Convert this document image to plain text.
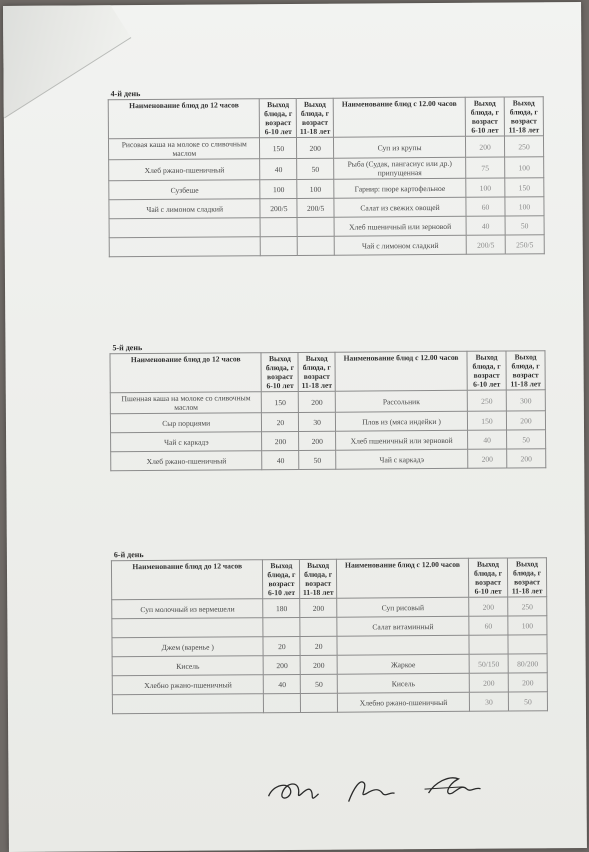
4-й день
Наименование блюд до 12 часов	Выход блюда, г возраст 6-10 лет	Выход блюда, г возраст 11-18 лет	Наименование блюд с 12.00 часов	Выход блюда, г возраст 6-10 лет	Выход блюда, г возраст 11-18 лет
Рисовая каша на молоке со сливочным маслом	150	200	Суп из крупы	200	250
Хлеб ржано-пшеничный	40	50	Рыба (Судак, пангасиус или др.) припущенная	75	100
Сузбеше	100	100	Гарнир: пюре картофельное	100	150
Чай с лимоном сладкий	200/5	200/5	Салат из свежих овощей	60	100
			Хлеб пшеничный или зерновой	40	50
			Чай с лимоном сладкий	200/5	250/5
5-й день
Наименование блюд до 12 часов	Выход блюда, г возраст 6-10 лет	Выход блюда, г возраст 11-18 лет	Наименование блюд с 12.00 часов	Выход блюда, г возраст 6-10 лет	Выход блюда, г возраст 11-18 лет
Пшенная каша на молоке со сливочным маслом	150	200	Рассольник	250	300
Сыр порциями	20	30	Плов из (мяса индейки )	150	200
Чай с каркадэ	200	200	Хлеб пшеничный или зерновой	40	50
Хлеб ржано-пшеничный	40	50	Чай с каркадэ	200	200
6-й день
Наименование блюд до 12 часов	Выход блюда, г возраст 6-10 лет	Выход блюда, г возраст 11-18 лет	Наименование блюд с 12.00 часов	Выход блюда, г возраст 6-10 лет	Выход блюда, г возраст 11-18 лет
Суп молочный из вермешели	180	200	Суп рисовый	200	250
			Салат витаминный	60	100
Джем (варенье )	20	20			
Кисель	200	200	Жаркое	50/150	80/200
Хлебно ржано-пшеничный	40	50	Кисель	200	200
			Хлебно ржано-пшеничный	30	50
